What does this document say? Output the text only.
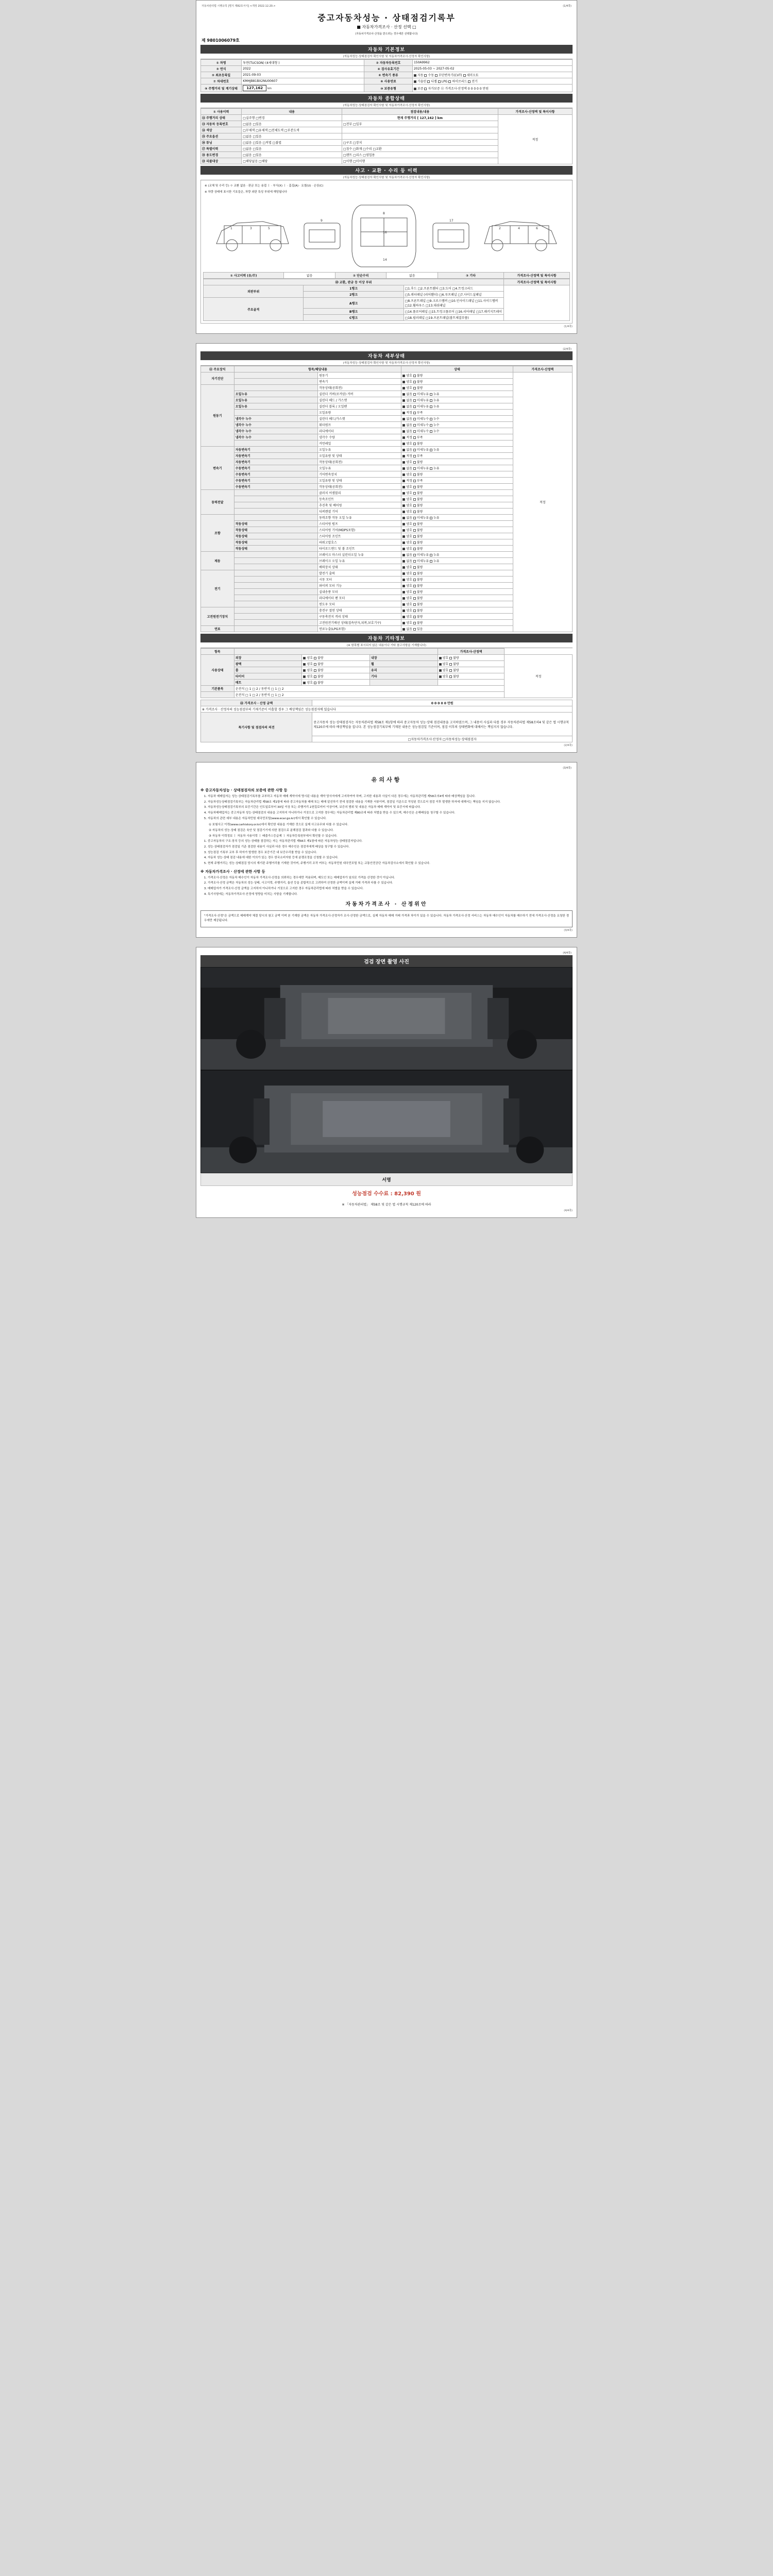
자동차관리법 시행규칙 [별지 제82호서식] <개정 2022.12.20.>	(1/4쪽)
중고자동차성능 · 상태점검기록부
■ 자동차가격조사 · 산정 선택 □
(자동차가격조사·산정을 받으려는 경우에만 선택합니다)
제 9801006079호
자동차 기본정보
(자동차성능·상태점검자 확인사항 및 자동차가격조사·산정자 확인사항)
① 차명	투싼(TUCSON) (4세대형 )	② 자동차등록번호	150A9962
③ 연식	2022	④ 검사유효기간	2025-05-03 ~ 2027-05-02
⑤ 최초등록일	2021-09-03	⑥ 변속기 종류	자동 수동 무단변속기(CVT) 세미오토
⑦ 차대번호	KMHJB81BX2NU00607	⑧ 사용연료	가솔린 디젤 LPG 하이브리드 전기
⑨ 주행거리 및 계기상태	127,162 km	⑩ 보증유형	보증 자가보증 ⑪ 가격조사·산정액 0 0 0 0 0 만원
자동차 종합상태
(자동차성능·상태점검자 확인사항 및 자동차가격조사·산정자 확인사항)
① 사용이력	내용	점검내용/내용	가격조사·산정액 및 특이사항
⑫ 주행거리 상태	□실주행 □변경	현재 주행거리 [ 127,162 ] km	적정
⑬ 자동차 등록번호	□없음 □있음	□전부 □일부	
⑭ 색상	□무채색 □유채색 □전체도색 □부분도색		
⑮ 주요옵션	□없음 □있음		
⑯ 튜닝	□없음 □있음 □적법 □불법	□구조 □장치	
⑰ 특별이력	□없음 □있음	□침수 □화재 □수리 □교환	
⑱ 용도변경	□없음 □있음	□렌트 □리스 □영업용	
⑲ 리콜대상	□해당없음 □해당	□이행 □미이행	
사고 · 교환 · 수리 등 이력
(자동차성능·상태점검자 확인사항 및 자동차가격조사·산정자 확인사항)
※ (교체 및 수리 등) ㅇ 교환 없음 · 판금 또는 용접 ㅣ · 부식(X) ㅣ · 흠집(A) · 요철(U) · 손상(C)
※ 차량 상태에 표시한 기호들은, 차량 외판 특성 부위에 해당됩니다
1	3	5
8
16
14
2	4	6
9	17
① 사고이력 (유/무)	없음	② 단순수리	없음	③ 기타	가격조사·산정액 및 특이사항
⑳ 교환, 판금 등 이상 부위			가격조사·산정액 및 특이사항
외판부위	1랭크	□1.후드 □2.프론트휀더 □3.도어 □4.트렁크리드	
	2랭크	□5.쿼터패널 (리어휀더) □6.루프패널 □7.사이드실패널	
주요골격	A랭크	□8.프론트패널 □9.크로스멤버 □10.인사이드패널 □11.사이드멤버 □12.휠하우스 □13.대쉬패널	
	B랭크	□14.플로어패널 □15.트렁크플로어 □16.리어패널 □17.패키지트레이	
	C랭크	□18.필러패널 □19.프론트패널(볼트체결부품)	
(1/4쪽)
(2/4쪽)
자동차 세부상태
(자동차성능·상태점검자 확인사항 및 자동차가격조사·산정자 확인사항)
㉑ 주요장치	항목/해당내용		상태	가격조사·산정액
자기진단		원동기	양호 불량	적정
		변속기	양호 불량	
원동기		작동상태(공회전)	양호 불량	
	오일누유	실린더 커버(로커암) 커버	없음 미세누유 누유	
	오일누유	실린더 헤드 / 가스켓	없음 미세누유 누유	
	오일누유	실린더 블록 / 오일팬	없음 미세누유 누유	
		오일유량	적정 부족	
	냉각수 누수	실린더 헤드/가스켓	없음 미세누수 누수	
	냉각수 누수	워터펌프	없음 미세누수 누수	
	냉각수 누수	라디에이터	없음 미세누수 누수	
	냉각수 누수	냉각수 수량	적정 부족	
		커먼레일	양호 불량	
변속기	자동변속기	오일누유	없음 미세누유 누유	
	자동변속기	오일유량 및 상태	적정 부족	
	자동변속기	작동상태(공회전)	양호 불량	
	수동변속기	오일누유	없음 미세누유 누유	
	수동변속기	기어변속장치	양호 불량	
	수동변속기	오일유량 및 상태	적정 부족	
	수동변속기	작동상태(공회전)	양호 불량	
동력전달		클러치 어셈블리	양호 불량	
		등속조인트	양호 불량	
		추진축 및 베어링	양호 불량	
		디퍼렌셜 기어	양호 불량	
조향		동력조향 작동 오일 누유	없음 미세누유 누유	
	작동상태	스티어링 펌프	양호 불량	
	작동상태	스티어링 기어(MDPS포함)	양호 불량	
	작동상태	스티어링 조인트	양호 불량	
	작동상태	파워고압호스	양호 불량	
	작동상태	타이로드엔드 및 볼 조인트	양호 불량	
제동		브레이크 마스터 실린더오일 누유	없음 미세누유 누유	
		브레이크 오일 누유	없음 미세누유 누유	
		배력장치 상태	양호 불량	
전기		발전기 출력	양호 불량	
		시동 모터	양호 불량	
		와이퍼 모터 기능	양호 불량	
		실내송풍 모터	양호 불량	
		라디에이터 팬 모터	양호 불량	
		윈도우 모터	양호 불량	
고전원전기장치		충전구 절연 상태	양호 불량	
		구동축전지 격리 상태	양호 불량	
		고전원전기배선 상태(접속단자,피복,보호기구)	양호 불량	
연료		연료누출(LPG포함)	없음 있음	
자동차 기타정보
(※ 항목별 표시되지 않은 내용이나 기타 참고사항을 기재합니다)
항목				가격조사·산정액	
사용상태	외장	양호 불량	내장	양호 불량	적정
	광택	양호 불량	휠	양호 불량	
	룸	양호 불량	유리	양호 불량	
	타이어	양호 불량	기타	양호 불량	
	매트	양호 불량			
기본품목	운전석 □ 1 □ 2 / 동반석 □ 1 □ 2				
	운전석 □ 1 □ 2 / 동반석 □ 1 □ 2				
㉒ 가격조사 · 산정 금액	0 0 0 0 0 만원
※ 가격조사 · 산정자의 성능점검부의 기재기준이 미흡할 경우 그 배상책임은 성능점검자에 있습니다	
특기사항 및 점검자의 의견	중고자동차 성능·상태점검자는 자동차관리법 제58조 제1항에 따라 중고자동차 성능·상태 점검내용을 고지하였으며, 그 내용이 사실과 다를 경우 자동차관리법 제58조의4 및 같은 법 시행규칙 제120조에 따라 배상책임을 집니다. 본 성능점검기록부에 기재된 내용은 성능점검일 기준이며, 점검 이후의 상태변화에 대해서는 책임지지 않습니다.
	□자동차가격조사·산정자 □자동차성능·상태점검자
(2/4쪽)
(3/4쪽)
유의사항
※ 중고자동차성능 · 상태점검자의 보증에 관한 사항 등
1. 자동차 매매업자는 성능·상태점검기록부를 교부하고 자동차 매매 계약서에 명시된 내용을 계약 당사자에게 고지하여야 하며, 고지한 내용과 사실이 다른 경우에는 자동차관리법 제58조의4에 따라 배상책임을 집니다.
2. 자동차성능상태점검기록부는 자동차관리법 제58조 제1항에 따라 중고자동차를 매매 또는 매매 알선하기 전에 점검한 내용을 기재한 서류이며, 점검일 기준으로 작성된 것으로서 점검 이후 발생한 하자에 대해서는 책임을 지지 않습니다.
3. 자동차성능상태점검기록부의 보증기간은 인도일로부터 30일 이상 또는 주행거리 2천킬로미터 이상이며, 보증의 범위 및 내용은 자동차 매매 계약서 및 보증서에 따릅니다.
4. 자동차매매업자는 중고자동차 성능·상태점검의 내용을 고지하지 아니하거나 거짓으로 고지한 경우에는 자동차관리법 제80조에 따라 처벌을 받을 수 있으며, 매수인은 손해배상을 청구할 수 있습니다.
5. 자동차의 관련 세부 내용은 자동차민원 대국민포털(www.ecar.go.kr)에서 확인할 수 있습니다.
① 보험사고 이력(www.carhistory.or.kr)에서 확인한 내용을 기재한 것으로 실제 사고유무와 다를 수 있습니다.
② 자동차의 성능·상태 점검은 육안 및 점검기기에 의한 점검으로 분해점검 결과와 다를 수 있습니다.
③ 자동차 이력정보 ㅣ 자동차 사용이력 ㅣ 배출가스등급제 ㅣ 자동차등록원부에서 확인할 수 있습니다.
1. 중고자동차의 구조·장치 등의 성능·상태를 점검하는 자는 자동차관리법 제58조 제1항에 따른 자동차성능·상태점검자입니다.
2. 성능·상태점검자가 점검일 기준 점검한 내용이 사실과 다른 경우 매수인은 점검자에게 배상을 청구할 수 있습니다.
3. 성능점검 기록부 교부 후 하자가 발생한 경우 보증기간 내 보증수리를 받을 수 있습니다.
4. 자동차 성능·상태 점검 내용에 대한 이의가 있는 경우 한국소비자원 등에 분쟁조정을 신청할 수 있습니다.
5. 현재 주행거리는 성능·상태점검 당시의 계기판 주행거리를 기재한 것이며, 주행거리 조작 여부는 자동차민원 대국민포털 또는 교통안전공단 자동차검사소에서 확인할 수 있습니다.
※ 자동차가격조사 · 산정에 관한 사항 등
1. 가격조사·산정은 자동차 매수인이 자동차 가격조사·산정을 의뢰하는 경우에만 적용되며, 매도인 또는 매매업자가 임의로 가격을 산정한 것이 아닙니다.
2. 가격조사·산정 금액은 자동차의 성능·상태, 사고이력, 주행거리, 옵션 등을 종합적으로 고려하여 산정한 금액이며 실제 거래 가격과 다를 수 있습니다.
3. 매매업자가 가격조사·산정 금액을 고지하지 아니하거나 거짓으로 고지한 경우 자동차관리법에 따라 처벌을 받을 수 있습니다.
4. 특기사항에는 자동차가격조사·산정에 영향을 미치는 사항을 기재합니다.
자동차가격조사 · 산정위안
"가격조사·산정"은 금액으로 매매계약 체결 당시의 참고 금액 이며 본 기재한 금액은 자동차 가격조사·산정자가 조사·산정한 금액으로, 실제 자동차 매매 거래 가격과 차이가 있을 수 있습니다. 자동차 가격조사·산정 서비스는 자동차 매수인이 자동차를 매수하기 전에 가격조사·산정을 요청한 경우에만 제공됩니다.
(3/4쪽)
(4/4쪽)
검검 장면 촬영 사진
서명
성능점검 수수료 : 82,390 원
※ 「자동차관리법」 제58조 및 같은 법 시행규칙 제120조에 따라
(4/4쪽)
